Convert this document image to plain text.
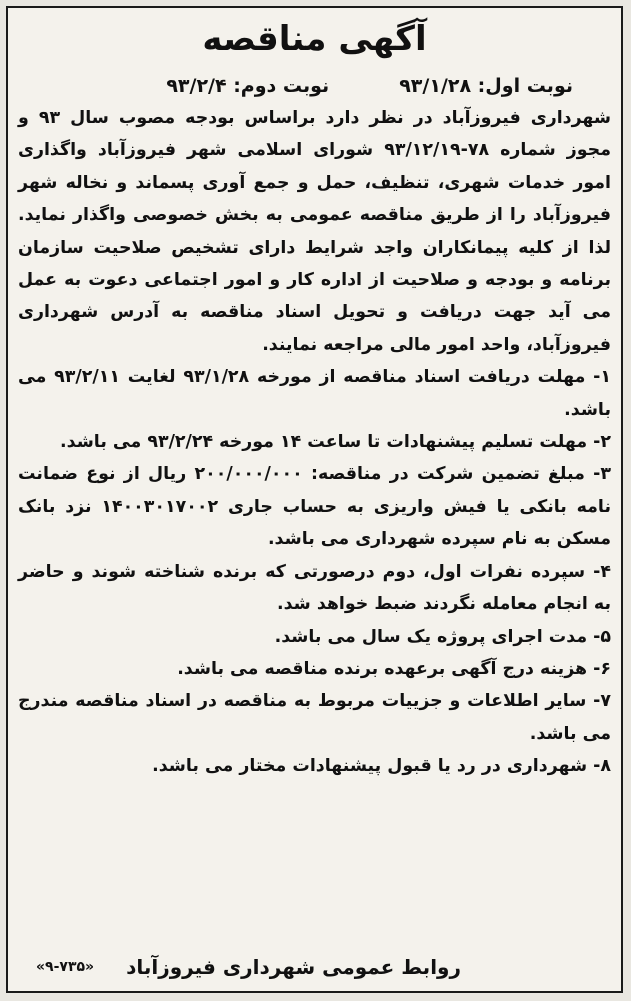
آگهی مناقصه
نوبت اول: ۹۳/۱/۲۸
نوبت دوم: ۹۳/۲/۴

شهرداری فیروزآباد در نظر دارد براساس بودجه مصوب سال ۹۳ و مجوز شماره ۷۸-۹۳/۱۲/۱۹ شورای اسلامی شهر فیروزآباد واگذاری امور خدمات شهری، تنظیف، حمل و جمع آوری پسماند و نخاله شهر فیروزآباد را از طریق مناقصه عمومی به بخش خصوصی واگذار نماید. لذا از کلیه پیمانکاران واجد شرایط دارای تشخیص صلاحیت سازمان برنامه و بودجه و صلاحیت از اداره کار و امور اجتماعی دعوت به عمل می آید جهت دریافت و تحویل اسناد مناقصه به آدرس شهرداری فیروزآباد، واحد امور مالی مراجعه نمایند.

۱- مهلت دریافت اسناد مناقصه از مورخه ۹۳/۱/۲۸ لغایت ۹۳/۲/۱۱ می باشد.

۲- مهلت تسلیم پیشنهادات تا ساعت ۱۴ مورخه ۹۳/۲/۲۴ می باشد.

۳- مبلغ تضمین شرکت در مناقصه: ۲۰۰/۰۰۰/۰۰۰ ریال از نوع ضمانت نامه بانکی یا فیش واریزی به حساب جاری ۱۴۰۰۳۰۱۷۰۰۲ نزد بانک مسکن به نام سپرده شهرداری می باشد.

۴- سپرده نفرات اول، دوم درصورتی که برنده شناخته شوند و حاضر به انجام معامله نگردند ضبط خواهد شد.

۵- مدت اجرای پروژه یک سال می باشد.

۶- هزینه درج آگهی برعهده برنده مناقصه می باشد.

۷- سایر اطلاعات و جزییات مربوط به مناقصه در اسناد مناقصه مندرج می باشد.

۸- شهرداری در رد یا قبول پیشنهادات مختار می باشد.

روابط عمومی شهرداری فیروزآباد
«۹-۷۳۵»
